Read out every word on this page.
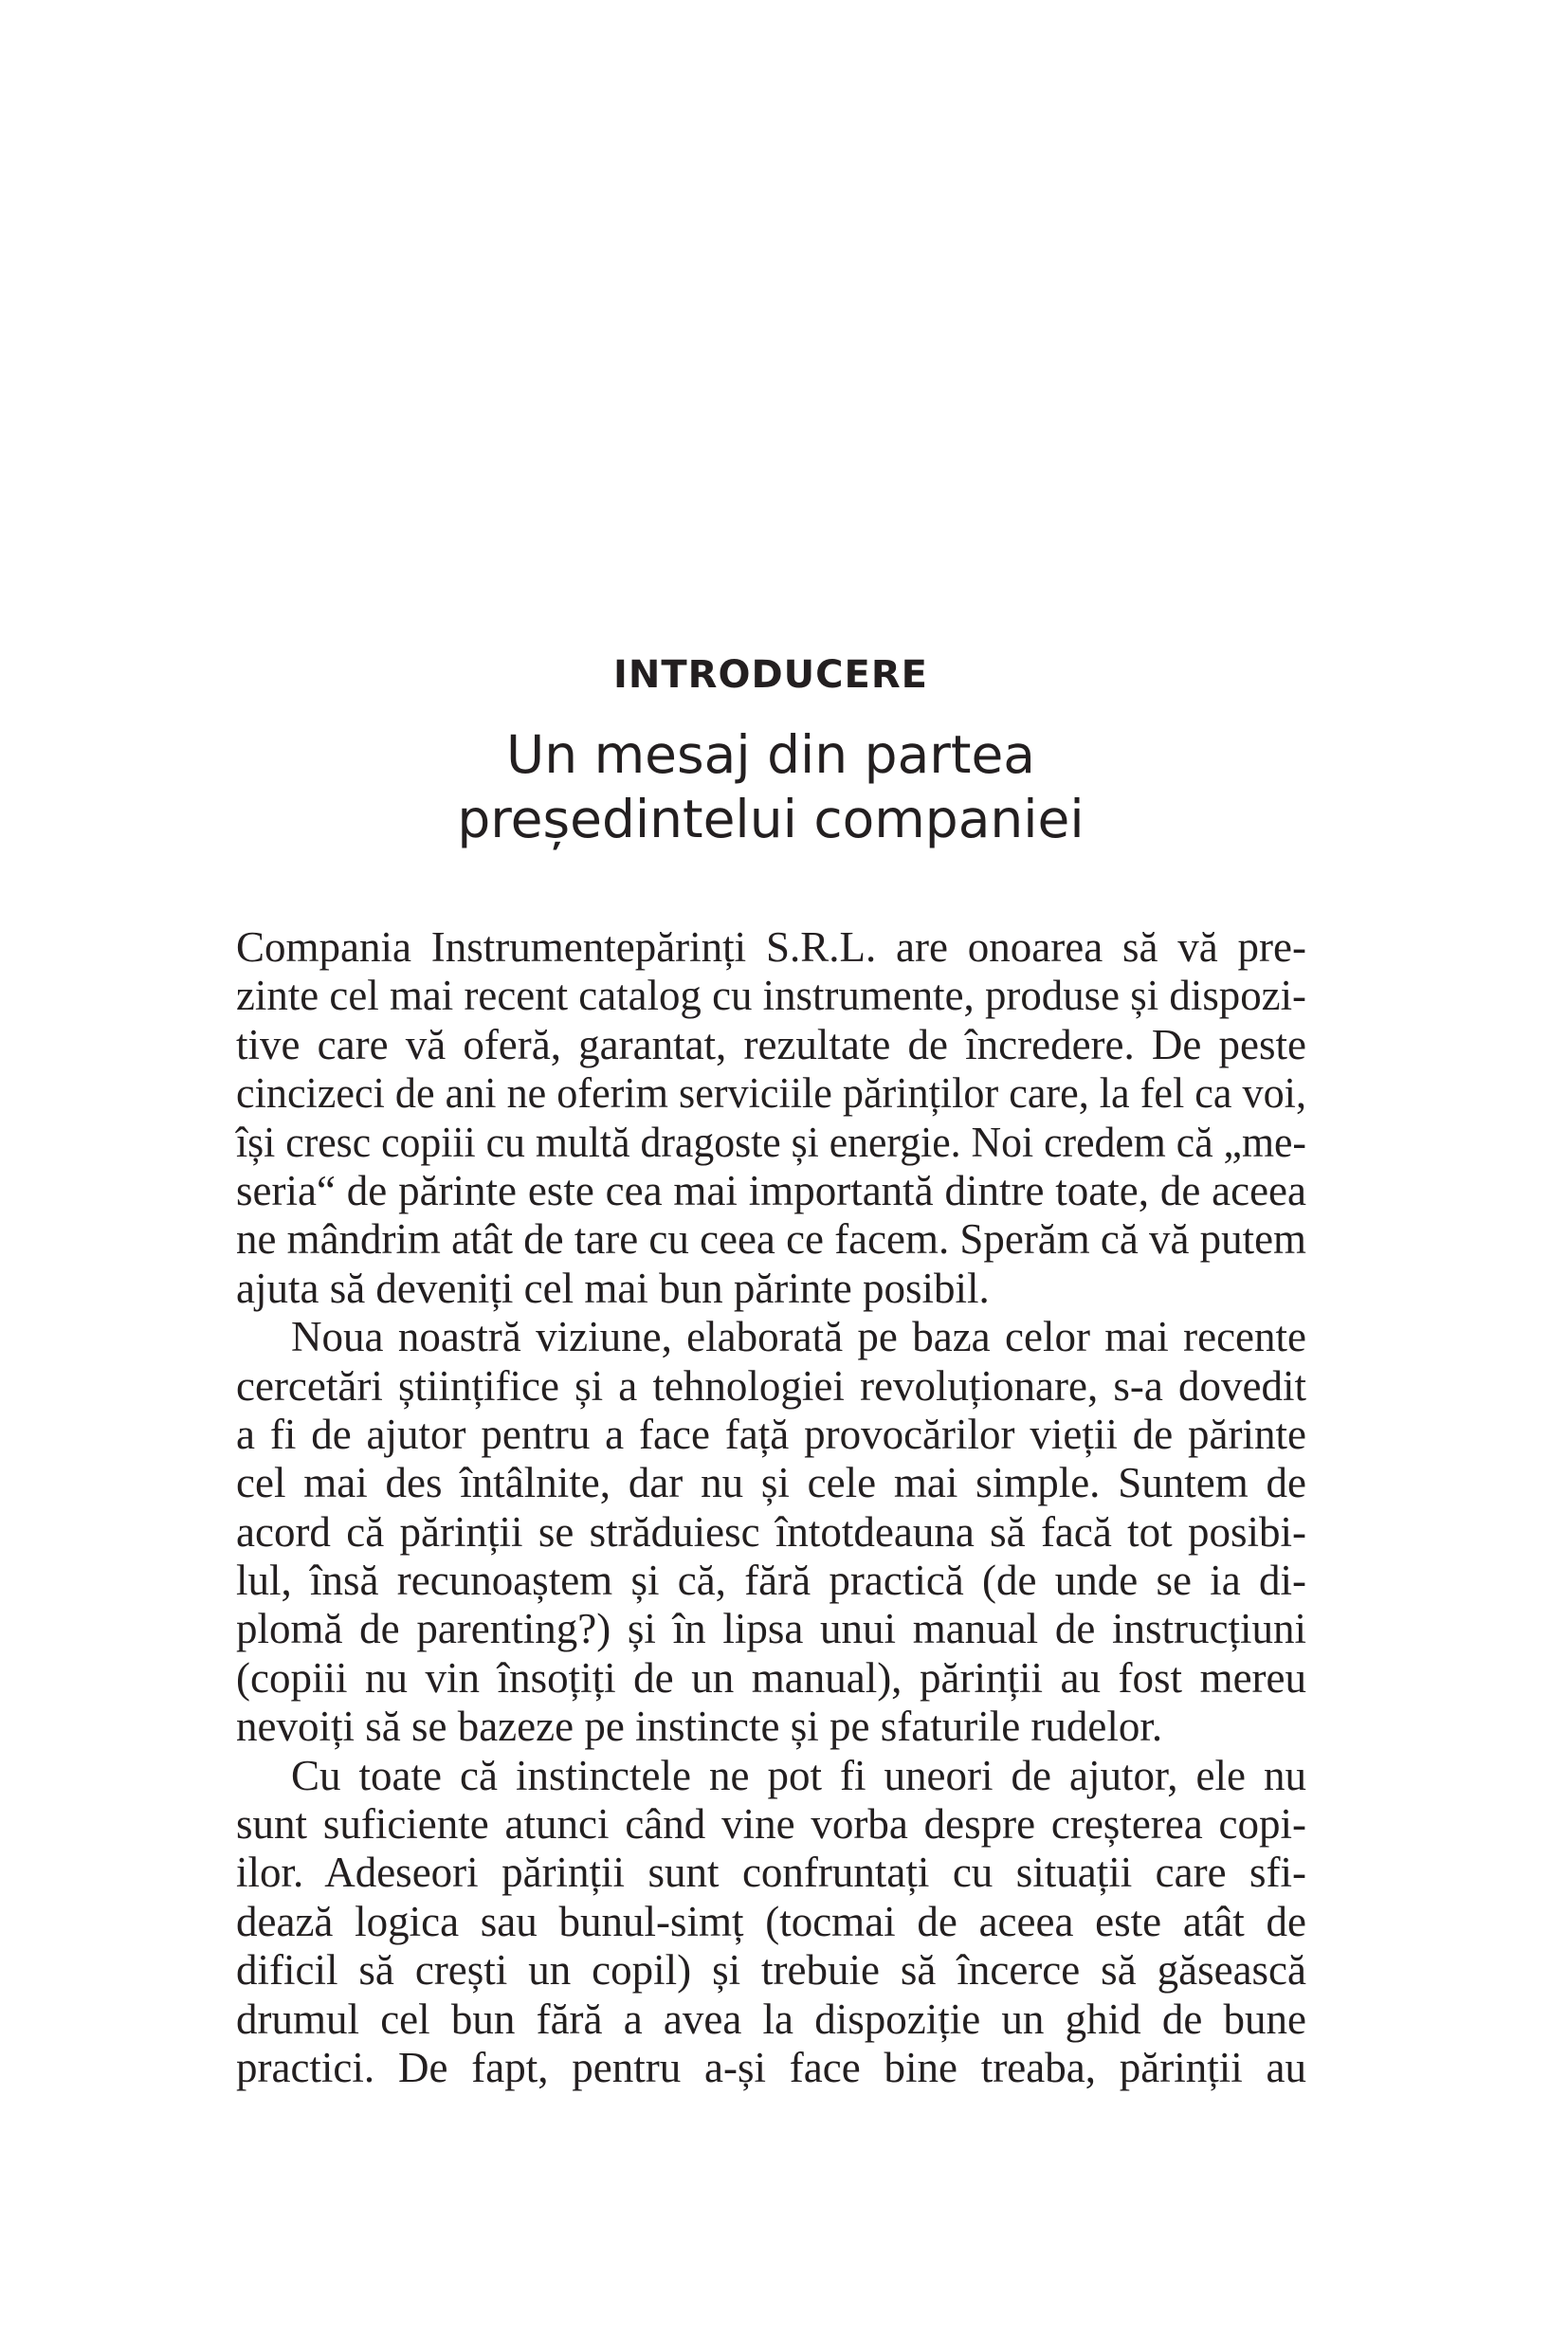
INTRODUCERE
Un mesaj din partea
președintelui companiei
Compania Instrumentepărinți S.R.L. are onoarea să vă pre-
zinte cel mai recent catalog cu instrumente, produse și dispozi-
tive care vă oferă, garantat, rezultate de încredere. De peste
cincizeci de ani ne oferim serviciile părinților care, la fel ca voi,
își cresc copiii cu multă dragoste și energie. Noi credem că „me-
seria“ de părinte este cea mai importantă dintre toate, de aceea
ne mândrim atât de tare cu ceea ce facem. Sperăm că vă putem
ajuta să deveniți cel mai bun părinte posibil.
Noua noastră viziune, elaborată pe baza celor mai recente
cercetări științifice și a tehnologiei revoluționare, s-a dovedit
a fi de ajutor pentru a face față provocărilor vieții de părinte
cel mai des întâlnite, dar nu și cele mai simple. Suntem de
acord că părinții se străduiesc întotdeauna să facă tot posibi-
lul, însă recunoaștem și că, fără practică (de unde se ia di-
plomă de parenting?) și în lipsa unui manual de instrucțiuni
(copiii nu vin însoțiți de un manual), părinții au fost mereu
nevoiți să se bazeze pe instincte și pe sfaturile rudelor.
Cu toate că instinctele ne pot fi uneori de ajutor, ele nu
sunt suficiente atunci când vine vorba despre creșterea copi-
ilor. Adeseori părinții sunt confruntați cu situații care sfi-
dează logica sau bunul-simț (tocmai de aceea este atât de
dificil să crești un copil) și trebuie să încerce să găsească
drumul cel bun fără a avea la dispoziție un ghid de bune
practici. De fapt, pentru a-și face bine treaba, părinții au
